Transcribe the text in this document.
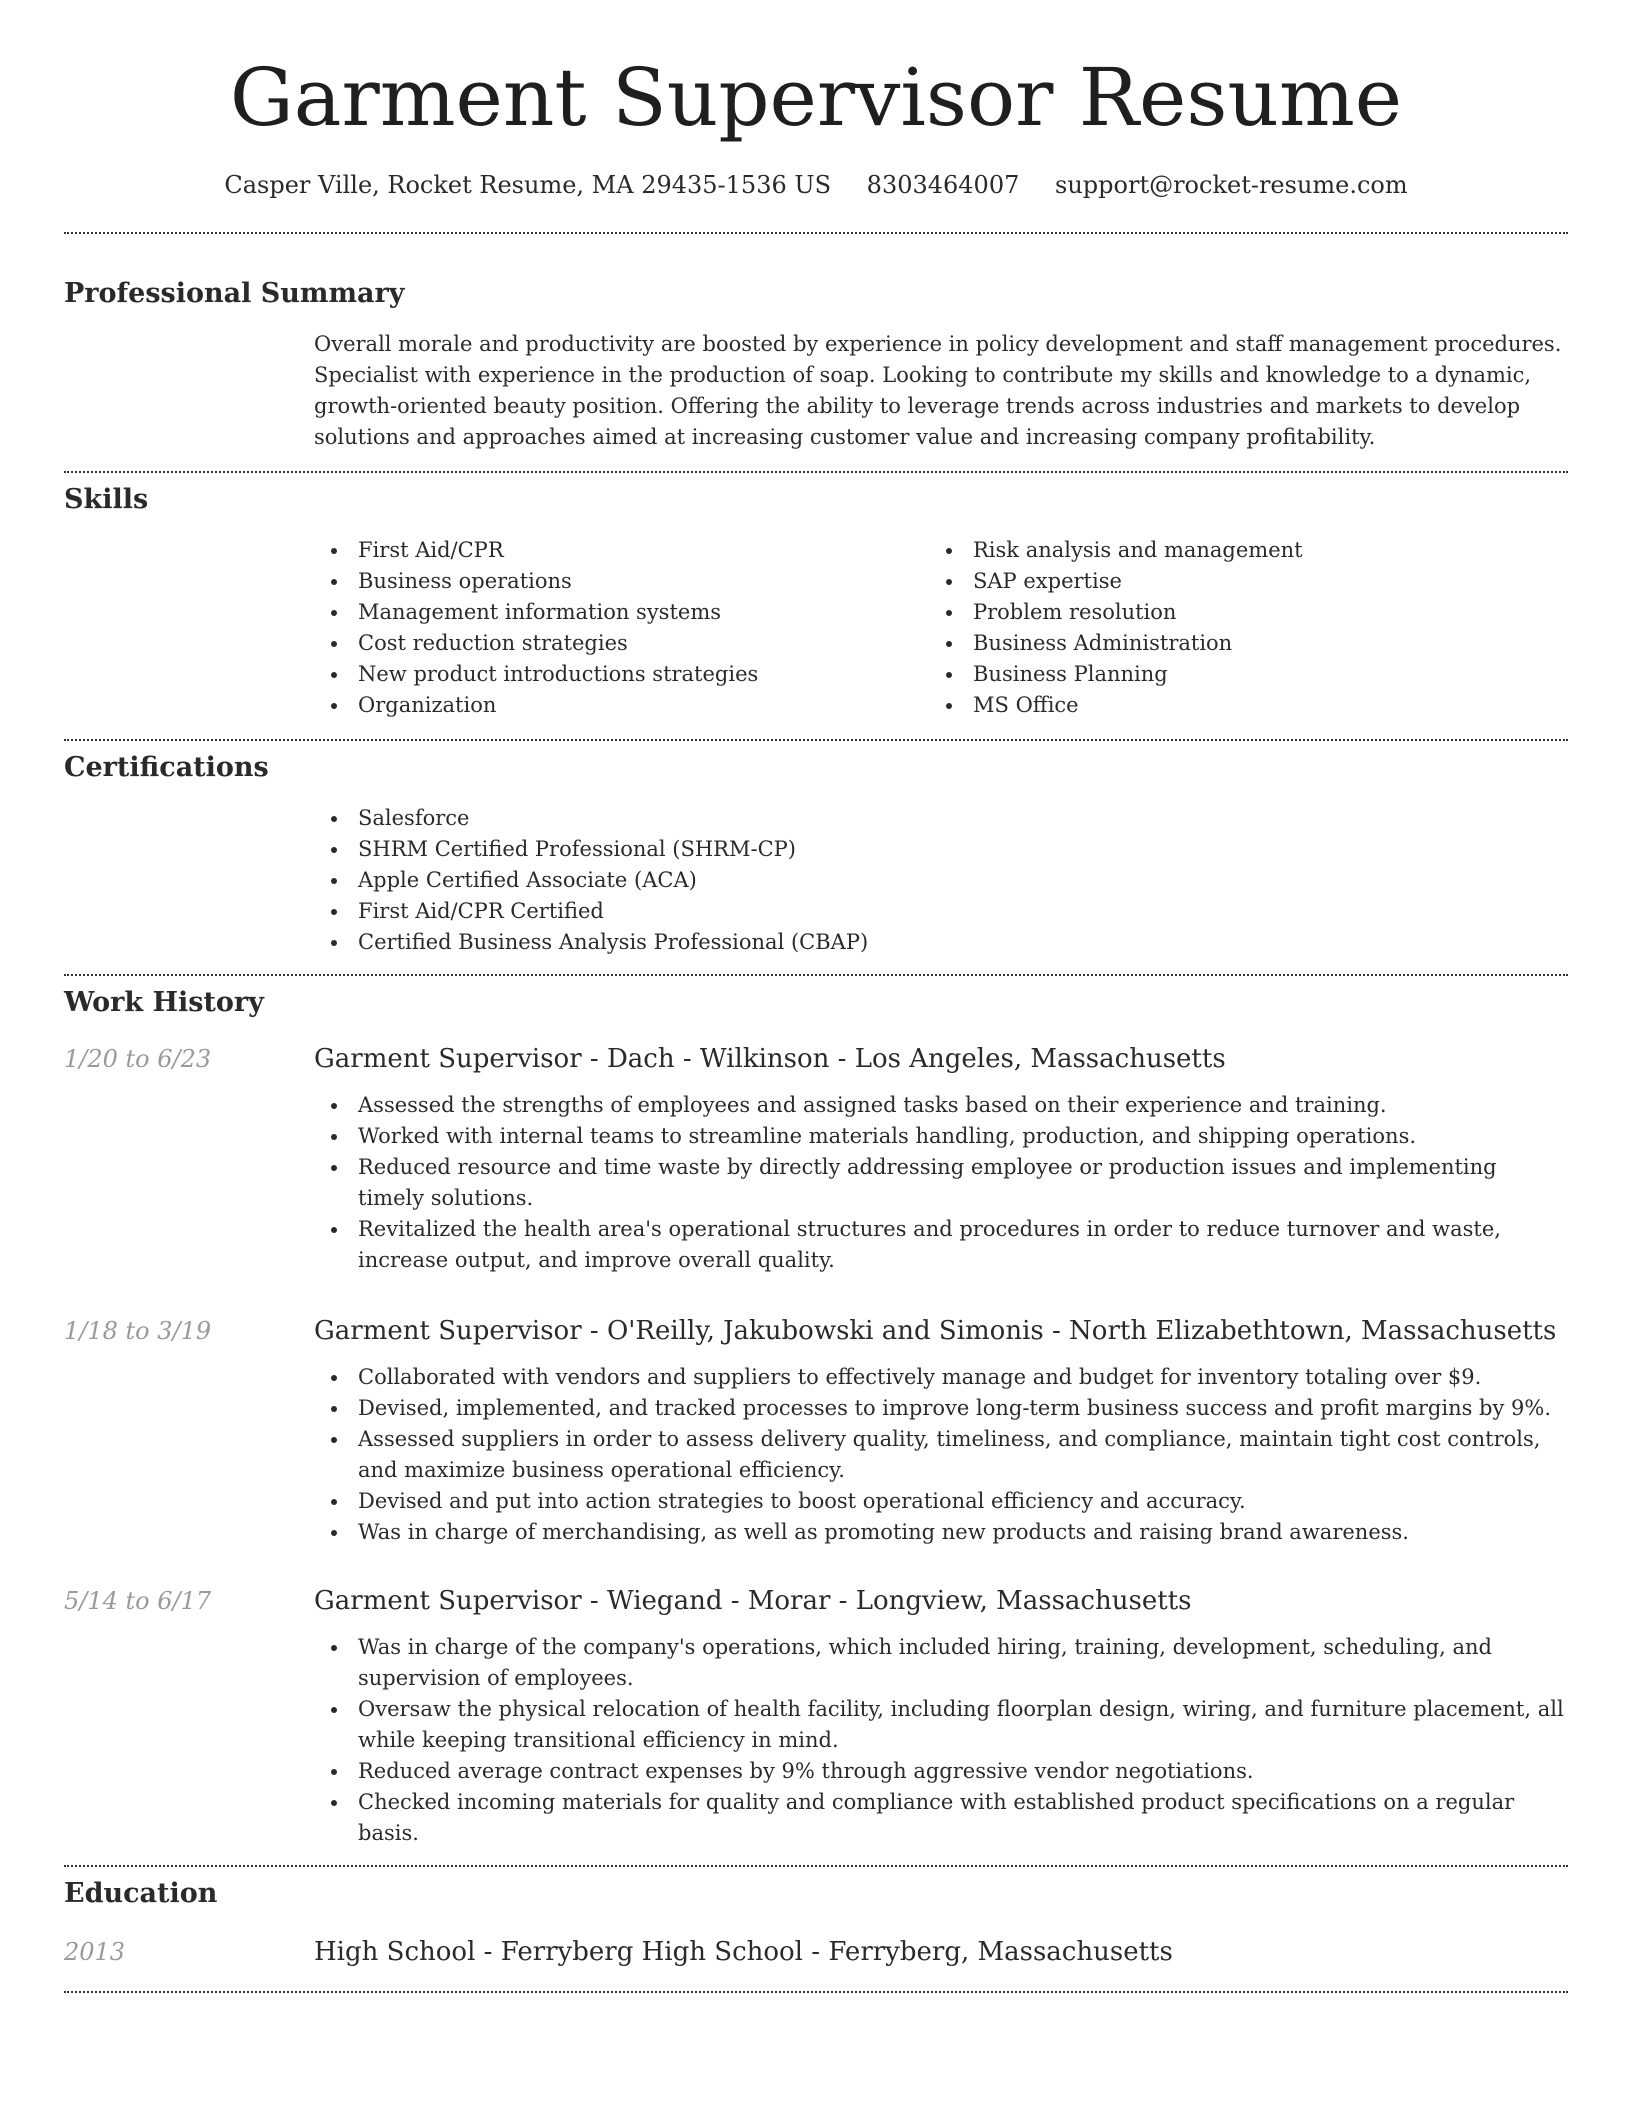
Garment Supervisor Resume
Casper Ville, Rocket Resume, MA 29435-1536 US 8303464007 support@rocket-resume.com
Professional Summary

Overall morale and productivity are boosted by experience in policy development and staff management procedures. Specialist with experience in the production of soap. Looking to contribute my skills and knowledge to a dynamic, growth-oriented beauty position. Offering the ability to leverage trends across industries and markets to develop solutions and approaches aimed at increasing customer value and increasing company profitability.

Skills
First Aid/CPR
Business operations
Management information systems
Cost reduction strategies
New product introductions strategies
Organization
Risk analysis and management
SAP expertise
Problem resolution
Business Administration
Business Planning
MS Office
Certifications
Salesforce
SHRM Certified Professional (SHRM-CP)
Apple Certified Associate (ACA)
First Aid/CPR Certified
Certified Business Analysis Professional (CBAP)
Work History
1/20 to 6/23	Garment Supervisor - Dach - Wilkinson - Los Angeles, Massachusetts
Assessed the strengths of employees and assigned tasks based on their experience and training.
Worked with internal teams to streamline materials handling, production, and shipping operations.
Reduced resource and time waste by directly addressing employee or production issues and implementing timely solutions.
Revitalized the health area's operational structures and procedures in order to reduce turnover and waste, increase output, and improve overall quality.
1/18 to 3/19	Garment Supervisor - O'Reilly, Jakubowski and Simonis - North Elizabethtown, Massachusetts
Collaborated with vendors and suppliers to effectively manage and budget for inventory totaling over $9.
Devised, implemented, and tracked processes to improve long-term business success and profit margins by 9%.
Assessed suppliers in order to assess delivery quality, timeliness, and compliance, maintain tight cost controls, and maximize business operational efficiency.
Devised and put into action strategies to boost operational efficiency and accuracy.
Was in charge of merchandising, as well as promoting new products and raising brand awareness.
5/14 to 6/17	Garment Supervisor - Wiegand - Morar - Longview, Massachusetts
Was in charge of the company's operations, which included hiring, training, development, scheduling, and supervision of employees.
Oversaw the physical relocation of health facility, including floorplan design, wiring, and furniture placement, all while keeping transitional efficiency in mind.
Reduced average contract expenses by 9% through aggressive vendor negotiations.
Checked incoming materials for quality and compliance with established product specifications on a regular basis.
Education
2013	High School - Ferryberg High School - Ferryberg, Massachusetts
